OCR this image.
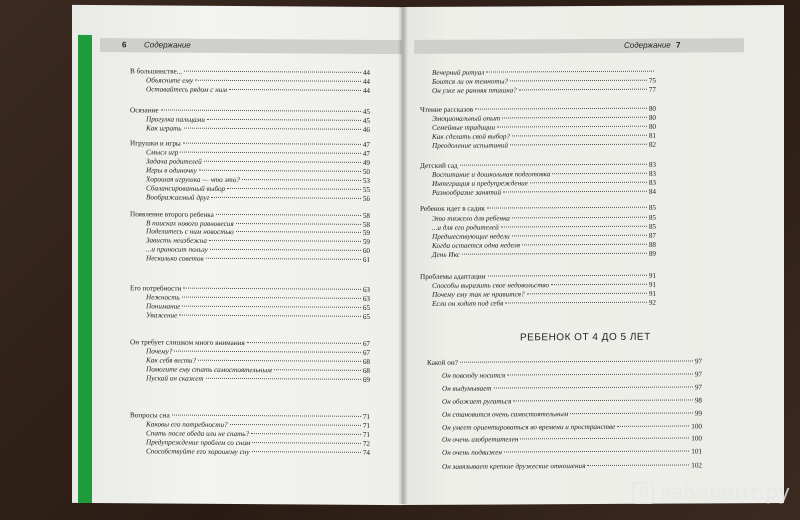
6 Содержание
В большинстве...	44
Объясните ему	44
Оставайтесь рядом с ним	44
Осязание	45
Прогулка пальцами	45
Как играть	46
Игрушки и игры	47
Смысл игр	47
Задача родителей	49
Игры в одиночку	50
Хорошая игрушка — что это?	53
Сбалансированный выбор	55
Воображаемый друг	56
Появление второго ребенка	58
В поисках нового равновесия	58
Поделитесь с ним новостью	59
Зависть неизбежна	59
...и приносит пользу	60
Несколько советов	61
Его потребности	63
Нежность	63
Понимание	65
Уважение	65
Он требует слишком много внимания	67
Почему?	67
Как себя вести?	68
Помогите ему стать самостоятельным	68
Пускай он скажет	69
Вопросы сна	71
Каковы его потребности?	71
Спать после обеда или не спать?	71
Предупреждение проблем со сном	72
Способствуйте его хорошему сну	74
Содержание 7
Вечерний ритуал
Боится ли он темноты?	75
Он уже не ранняя пташка?	77
Чтение рассказов	80
Эмоциональный опыт	80
Семейные традиции	80
Как сделать свой выбор?	81
Преодоление испытаний	82
Детский сад	83
Воспитание и дошкольная подготовка	83
Интеграция и предупреждение	83
Разнообразие занятий	84
Ребенок идет в садик	85
Это тяжело для ребенка	85
...и для его родителей	85
Предшествующие недели	87
Когда остается одна неделя	88
День Икс	89
Проблемы адаптации	91
Способы выразить свое недовольство	91
Почему ему так не нравится?	91
Если он ходит под себя	92
Какой он?	97
Он повсюду носится	97
Он выдумывает	97
Он обожает ругаться	98
Он становится очень самостоятельным	99
Он умеет ориентироваться во времени и пространстве	100
Он очень изобретателен	100
Он очень подвижен	101
Он завязывает крепкие дружеские отношения	102
РЕБЕНОК ОТ 4 ДО 5 ЛЕТ
Л лабиринт.ру
